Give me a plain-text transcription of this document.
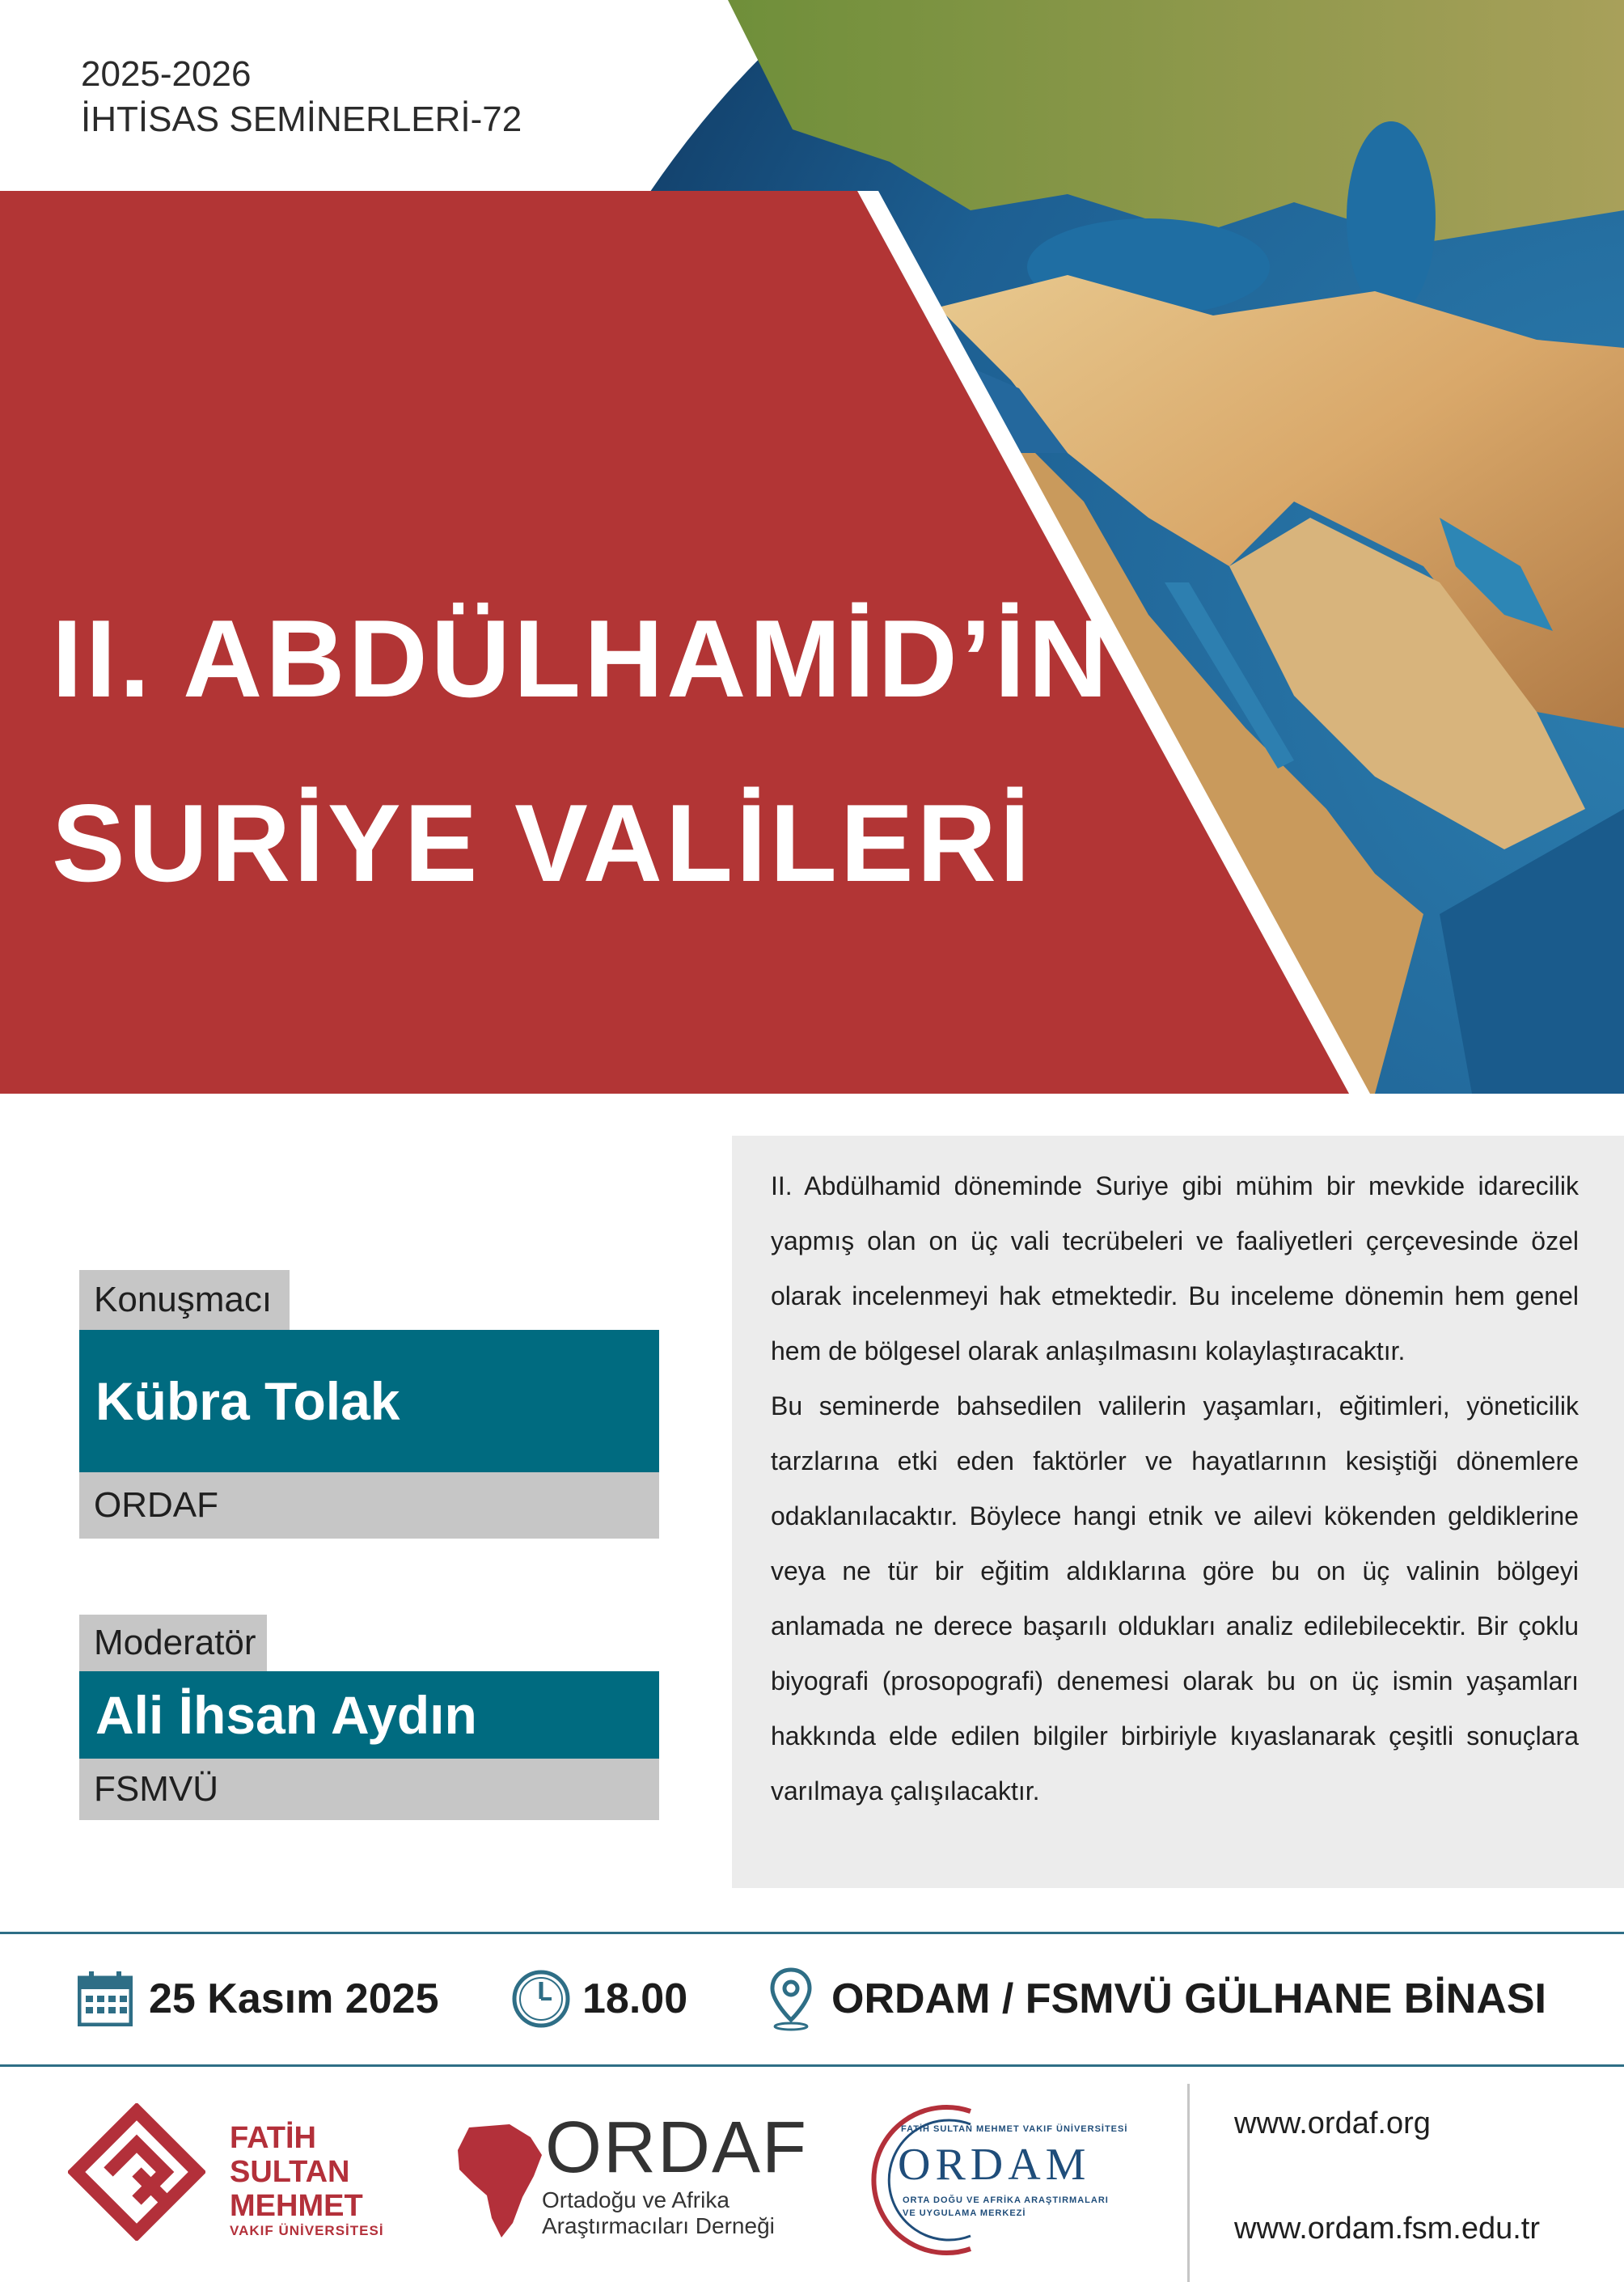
2025-2026
İHTİSAS SEMİNERLERİ-72
II. ABDÜLHAMİD’İN
SURİYE VALİLERİ
Konuşmacı
Kübra Tolak
ORDAF
Moderatör
Ali İhsan Aydın
FSMVÜ

II. Abdülhamid döneminde Suriye gibi mühim bir mevkide idarecilik yapmış olan on üç vali tecrübeleri ve faaliyetleri çerçevesinde özel olarak incelenmeyi hak etmektedir. Bu inceleme dönemin hem genel hem de bölgesel olarak anlaşılmasını kolaylaştıracaktır.

Bu seminerde bahsedilen valilerin yaşamları, eğitimleri, yöneticilik tarzlarına etki eden faktörler ve hayatlarının kesiştiği dönemlere odaklanılacaktır. Böylece hangi etnik ve ailevi kökenden geldiklerine veya ne tür bir eğitim aldıklarına göre bu on üç valinin bölgeyi anlamada ne derece başarılı oldukları analiz edilebilecektir. Bir çoklu biyografi (prosopografi) denemesi olarak bu on üç ismin yaşamları hakkında elde edilen bilgiler birbiriyle kıyaslanarak çeşitli sonuçlara varılmaya çalışılacaktır.

25 Kasım 2025	18.00	ORDAM / FSMVÜ GÜLHANE BİNASI
FATİH
SULTAN
MEHMET
VAKIF ÜNİVERSİTESİ
ORDAF
Ortadoğu ve Afrika
Araştırmacıları Derneği
FATİH SULTAN MEHMET VAKIF ÜNİVERSİTESİ
ORDAM
ORTA DOĞU VE AFRİKA ARAŞTIRMALARI
VE UYGULAMA MERKEZİ
www.ordaf.org
www.ordam.fsm.edu.tr
